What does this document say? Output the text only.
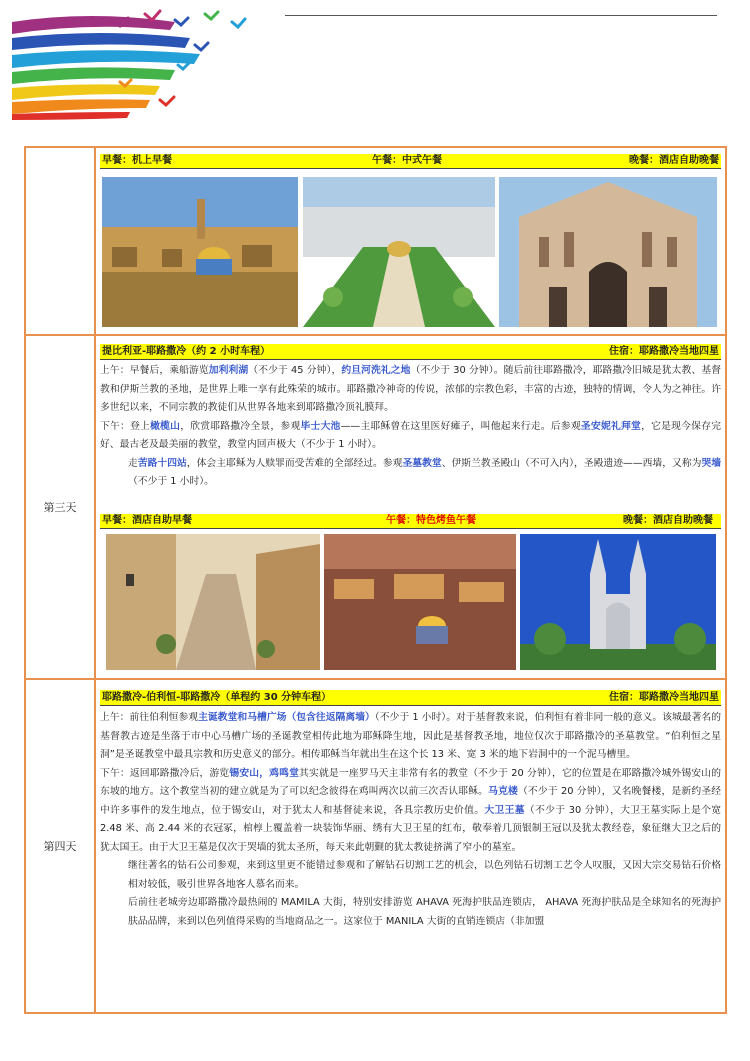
早餐：机上早餐	午餐：中式午餐	晚餐：酒店自助晚餐
第三天
提比利亚-耶路撒冷（约 2 小时车程）	住宿：耶路撒冷当地四星

上午：早餐后，乘船游览加利利湖（不少于 45 分钟），约旦河洗礼之地（不少于 30 分钟）。随后前往耶路撒冷，耶路撒冷旧城是犹太教、基督教和伊斯兰教的圣地，是世界上唯一享有此殊荣的城市。耶路撒冷神奇的传说，浓郁的宗教色彩，丰富的古迹，独特的情调，令人为之神往。许多世纪以来，不同宗教的教徒们从世界各地来到耶路撒冷顶礼膜拜。

下午：登上橄榄山，欣赏耶路撒冷全景，参观毕士大池——主耶稣曾在这里医好瘫子，叫他起来行走。后参观圣安妮礼拜堂，它是现今保存完好、最古老及最美丽的教堂，教堂内回声极大（不少于 1 小时）。

走苦路十四站，体会主耶稣为人赎罪而受苦难的全部经过。参观圣墓教堂、伊斯兰教圣殿山（不可入内），圣殿遗迹——西墙，又称为哭墙（不少于 1 小时）。

早餐：酒店自助早餐	午餐：特色烤鱼午餐	晚餐：酒店自助晚餐
第四天
耶路撒冷-伯利恒-耶路撒冷（单程约 30 分钟车程）	住宿：耶路撒冷当地四星

上午：前往伯利恒参观主诞教堂和马槽广场（包含往返隔离墙）（不少于 1 小时）。对于基督教来说，伯利恒有着非同一般的意义。该城最著名的基督教古迹是坐落于市中心马槽广场的圣诞教堂相传此地为耶稣降生地，因此是基督教圣地，地位仅次于耶路撒冷的圣墓教堂。“伯利恒之星洞”是圣诞教堂中最具宗教和历史意义的部分。相传耶稣当年就出生在这个长 13 米、宽 3 米的地下岩洞中的一个泥马槽里。

下午：返回耶路撒冷后，游览锡安山，鸡鸣堂其实就是一座罗马天主非常有名的教堂（不少于 20 分钟），它的位置是在耶路撒冷城外锡安山的东坡的地方。这个教堂当初的建立就是为了可以纪念彼得在鸡叫两次以前三次否认耶稣。马克楼（不少于 20 分钟），又名晚餐楼，是新约圣经中许多事件的发生地点，位于锡安山，对于犹太人和基督徒来说，各具宗教历史价值。大卫王墓（不少于 30 分钟），大卫王墓实际上是个宽 2.48 米、高 2.44 米的衣冠冢，棺椁上覆盖着一块装饰华丽、绣有大卫王星的红布，敬奉着几顶银制王冠以及犹太教经卷，象征继大卫之后的犹太国王。由于大卫王墓是仅次于哭墙的犹太圣所，每天来此朝觐的犹太教徒挤满了窄小的墓室。

继往著名的钻石公司参观，来到这里更不能错过参观和了解钻石切割工艺的机会，以色列钻石切割工艺令人叹服，又因大宗交易钻石价格相对较低，吸引世界各地客人慕名而来。

后前往老城旁边耶路撒冷最热闹的 MAMILA 大街，特别安排游览 AHAVA 死海护肤品连锁店， AHAVA 死海护肤品是全球知名的死海护肤品品牌，来到以色列值得采购的当地商品之一。这家位于 MANILA 大街的直销连锁店（非加盟
